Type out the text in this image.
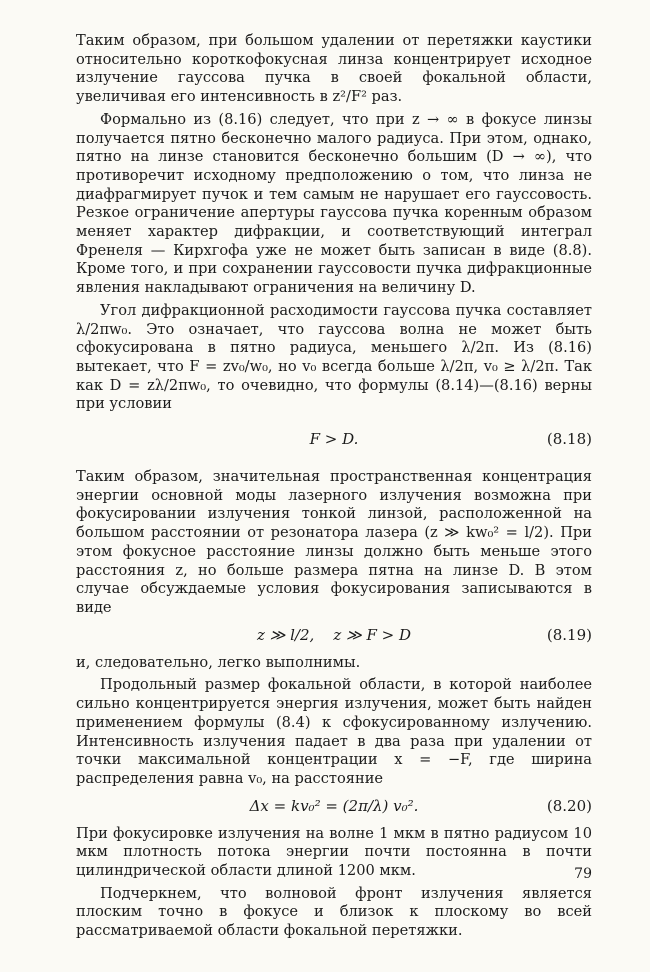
Таким образом, при большом удалении от перетяжки каустики относительно короткофокусная линза концентрирует исходное излучение гауссова пучка в своей фокальной области, увеличивая его интенсивность в z²/F² раз.

Формально из (8.16) следует, что при z → ∞ в фокусе линзы получается пятно бесконечно малого радиуса. При этом, однако, пятно на линзе становится бесконечно большим (D → ∞), что противоречит исходному предположению о том, что линза не диафрагмирует пучок и тем самым не нарушает его гауссовость. Резкое ограничение апертуры гауссова пучка коренным образом меняет характер дифракции, и соответствующий интеграл Френеля — Кирхгофа уже не может быть записан в виде (8.8). Кроме того, и при сохранении гауссовости пучка дифракционные явления накладывают ограничения на величину D.

Угол дифракционной расходимости гауссова пучка составляет λ/2πw₀. Это означает, что гауссова волна не может быть сфокусирована в пятно радиуса, меньшего λ/2π. Из (8.16) вытекает, что F = zv₀/w₀, но v₀ всегда больше λ/2π, v₀ ≥ λ/2π. Так как D = zλ/2πw₀, то очевидно, что формулы (8.14)—(8.16) верны при условии

F > D.	(8.18)

Таким образом, значительная пространственная концентрация энергии основной моды лазерного излучения возможна при фокусировании излучения тонкой линзой, расположенной на большом расстоянии от резонатора лазера (z ≫ kw₀² = l/2). При этом фокусное расстояние линзы должно быть меньше этого расстояния z, но больше размера пятна на линзе D. В этом случае обсуждаемые условия фокусирования записываются в виде

z ≫ l/2,    z ≫ F > D	(8.19)

и, следовательно, легко выполнимы.

Продольный размер фокальной области, в которой наиболее сильно концентрируется энергия излучения, может быть найден применением формулы (8.4) к сфокусированному излучению. Интенсивность излучения падает в два раза при удалении от точки максимальной концентрации x = −F, где ширина распределения равна v₀, на расстояние

Δx = kv₀² = (2π/λ) v₀².	(8.20)

При фокусировке излучения на волне 1 мкм в пятно радиусом 10 мкм плотность потока энергии почти постоянна в почти цилиндрической области длиной 1200 мкм.

Подчеркнем, что волновой фронт излучения является плоским точно в фокусе и близок к плоскому во всей рассматриваемой области фокальной перетяжки.

79
